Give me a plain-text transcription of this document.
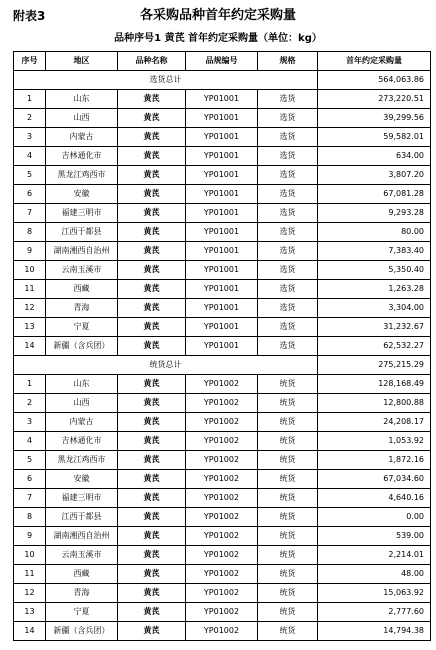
各采购品种首年约定采购量
附表3
品种序号1 黄芪 首年约定采购量（单位：kg）
序号	地区	品种名称	品规编号	规格	首年约定采购量
选货总计					564,063.86
1	山东	黄芪	YP01001	选货	273,220.51
2	山西	黄芪	YP01001	选货	39,299.56
3	内蒙古	黄芪	YP01001	选货	59,582.01
4	吉林通化市	黄芪	YP01001	选货	634.00
5	黑龙江鸡西市	黄芪	YP01001	选货	3,807.20
6	安徽	黄芪	YP01001	选货	67,081.28
7	福建三明市	黄芪	YP01001	选货	9,293.28
8	江西于都县	黄芪	YP01001	选货	80.00
9	湖南湘西自治州	黄芪	YP01001	选货	7,383.40
10	云南玉溪市	黄芪	YP01001	选货	5,350.40
11	西藏	黄芪	YP01001	选货	1,263.28
12	青海	黄芪	YP01001	选货	3,304.00
13	宁夏	黄芪	YP01001	选货	31,232.67
14	新疆（含兵团）	黄芪	YP01001	选货	62,532.27
统货总计					275,215.29
1	山东	黄芪	YP01002	统货	128,168.49
2	山西	黄芪	YP01002	统货	12,800.88
3	内蒙古	黄芪	YP01002	统货	24,208.17
4	吉林通化市	黄芪	YP01002	统货	1,053.92
5	黑龙江鸡西市	黄芪	YP01002	统货	1,872.16
6	安徽	黄芪	YP01002	统货	67,034.60
7	福建三明市	黄芪	YP01002	统货	4,640.16
8	江西于都县	黄芪	YP01002	统货	0.00
9	湖南湘西自治州	黄芪	YP01002	统货	539.00
10	云南玉溪市	黄芪	YP01002	统货	2,214.01
11	西藏	黄芪	YP01002	统货	48.00
12	青海	黄芪	YP01002	统货	15,063.92
13	宁夏	黄芪	YP01002	统货	2,777.60
14	新疆（含兵团）	黄芪	YP01002	统货	14,794.38
